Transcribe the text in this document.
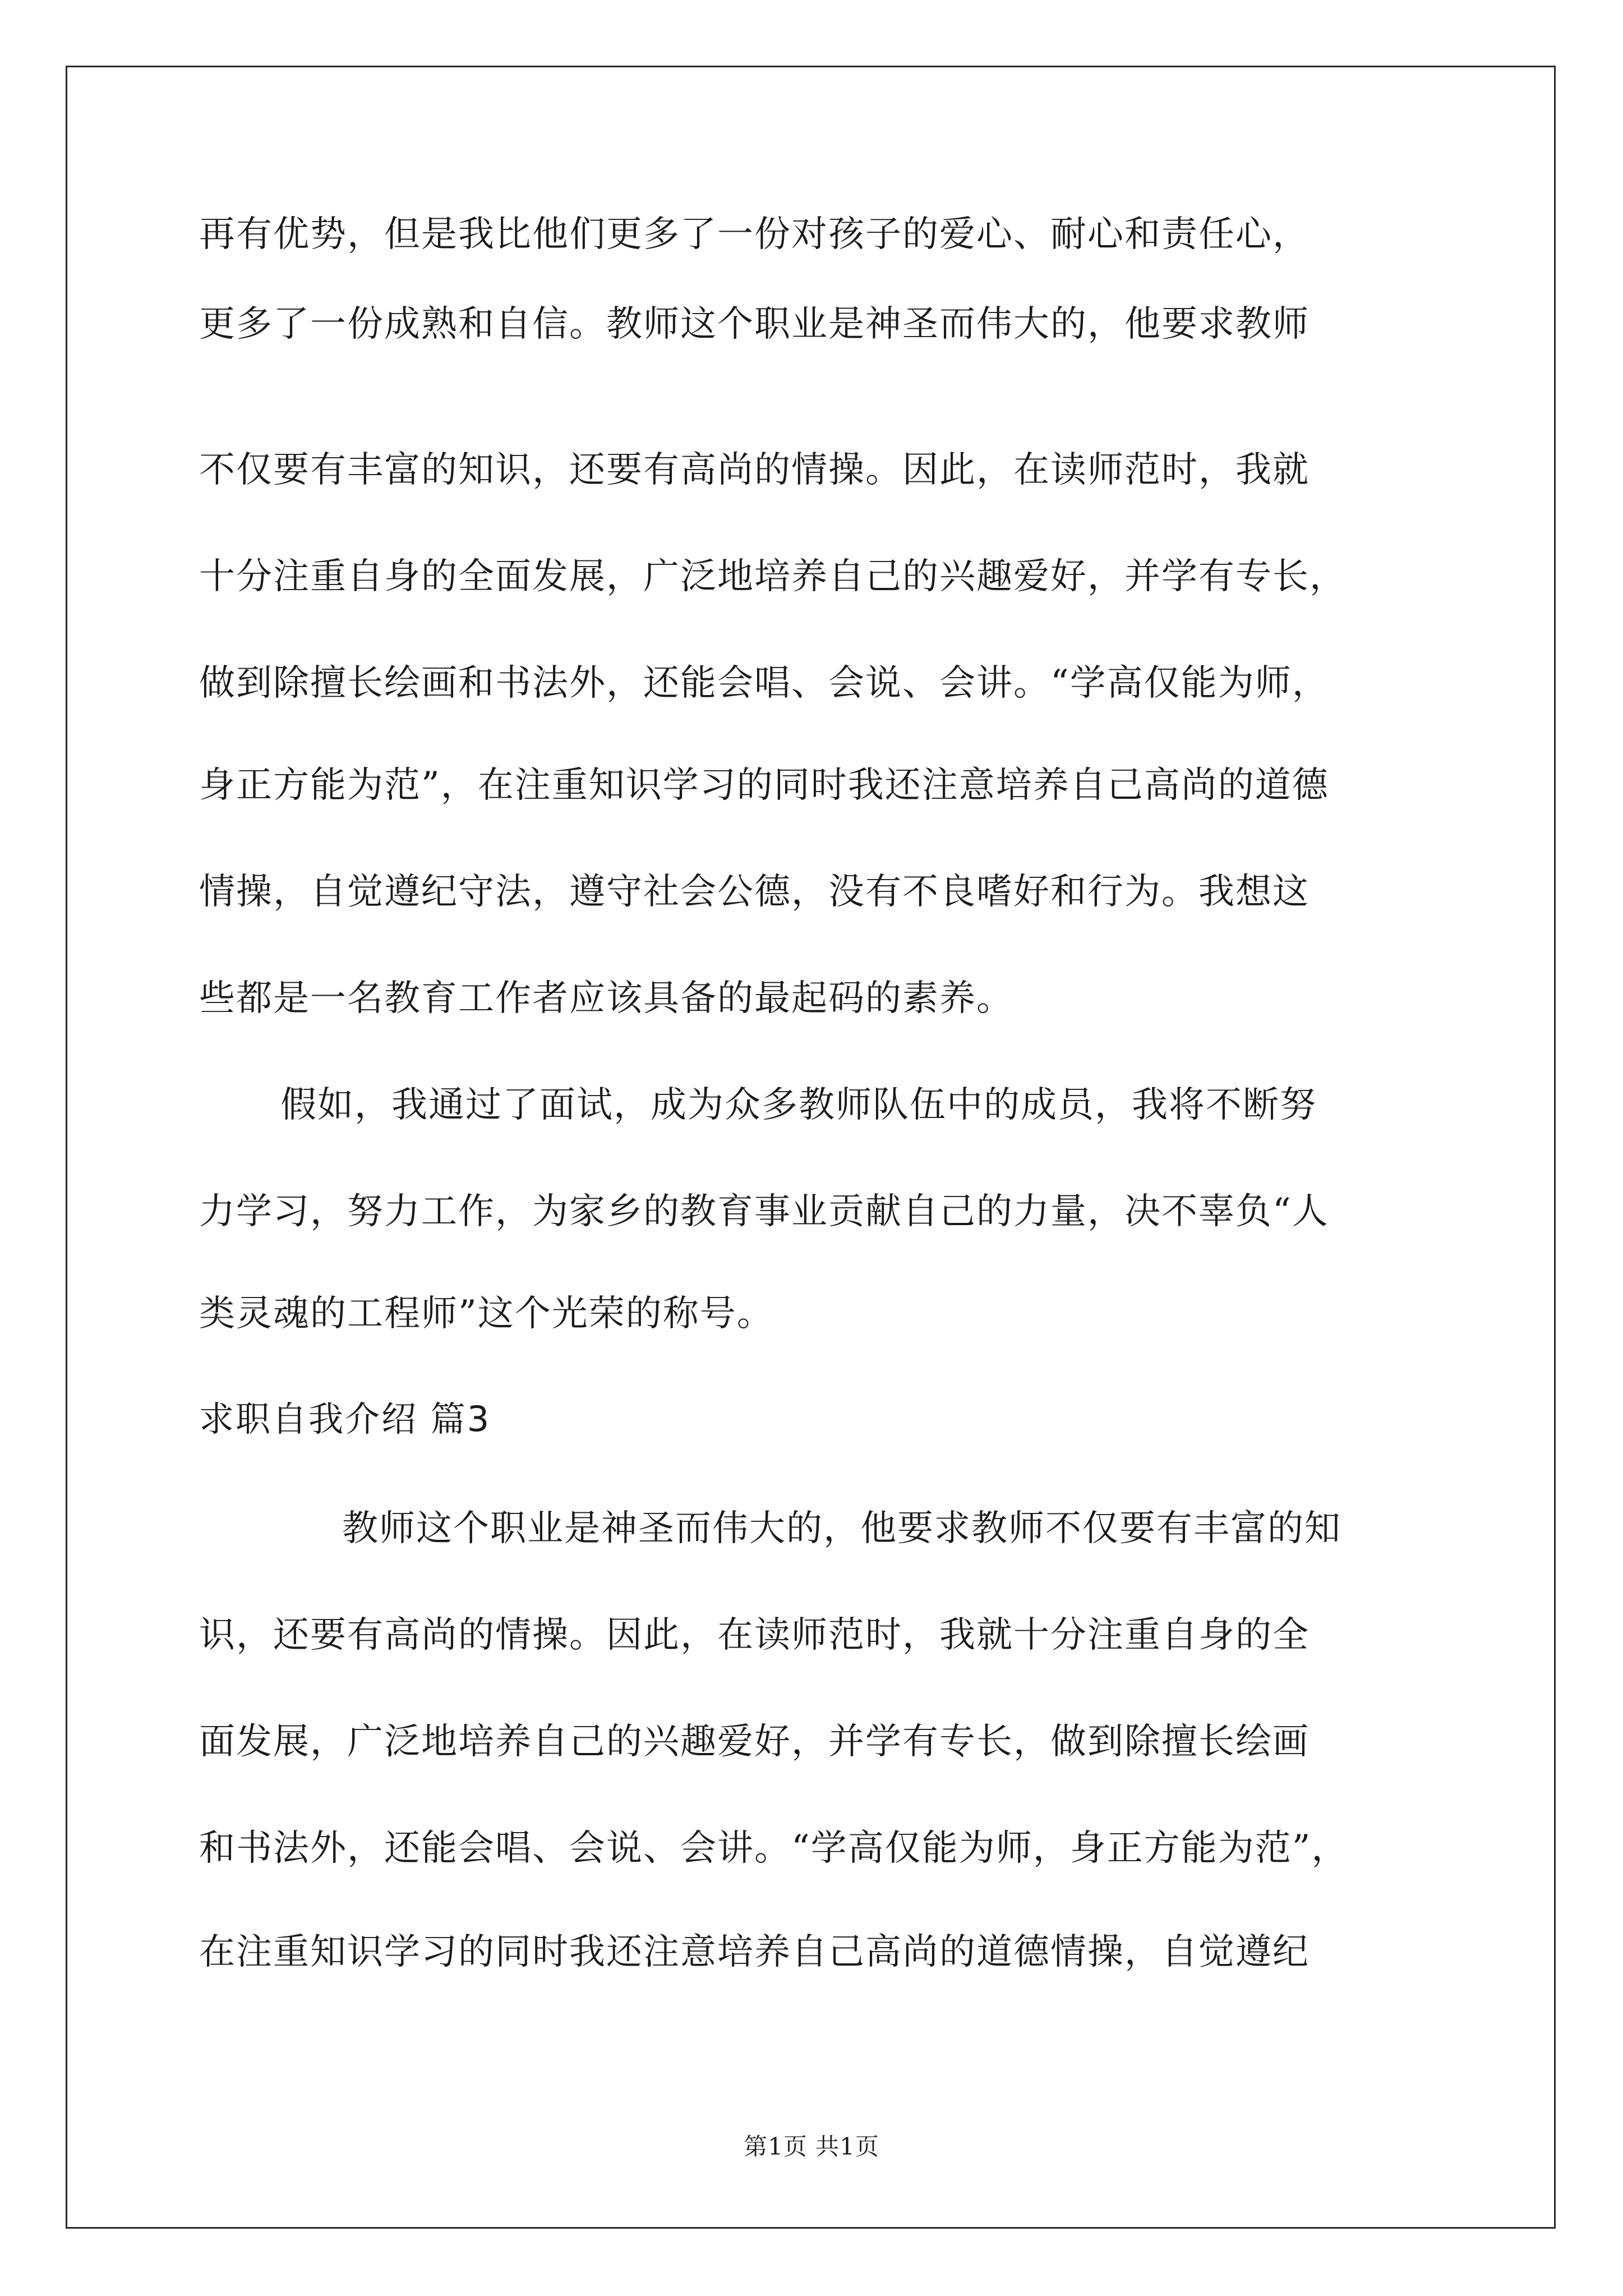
再有优势，但是我比他们更多了一份对孩子的爱心、耐心和责任心，
更多了一份成熟和自信。教师这个职业是神圣而伟大的，他要求教师
不仅要有丰富的知识，还要有高尚的情操。因此，在读师范时，我就
十分注重自身的全面发展，广泛地培养自己的兴趣爱好，并学有专长，
做到除擅长绘画和书法外，还能会唱、会说、会讲。“学高仅能为师，
身正方能为范”，在注重知识学习的同时我还注意培养自己高尚的道德
情操，自觉遵纪守法，遵守社会公德，没有不良嗜好和行为。我想这
些都是一名教育工作者应该具备的最起码的素养。
假如，我通过了面试，成为众多教师队伍中的成员，我将不断努
力学习，努力工作，为家乡的教育事业贡献自己的力量，决不辜负“人
类灵魂的工程师”这个光荣的称号。
求职自我介绍 篇3
教师这个职业是神圣而伟大的，他要求教师不仅要有丰富的知
识，还要有高尚的情操。因此，在读师范时，我就十分注重自身的全
面发展，广泛地培养自己的兴趣爱好，并学有专长，做到除擅长绘画
和书法外，还能会唱、会说、会讲。“学高仅能为师，身正方能为范”，
在注重知识学习的同时我还注意培养自己高尚的道德情操，自觉遵纪
第1页 共1页
